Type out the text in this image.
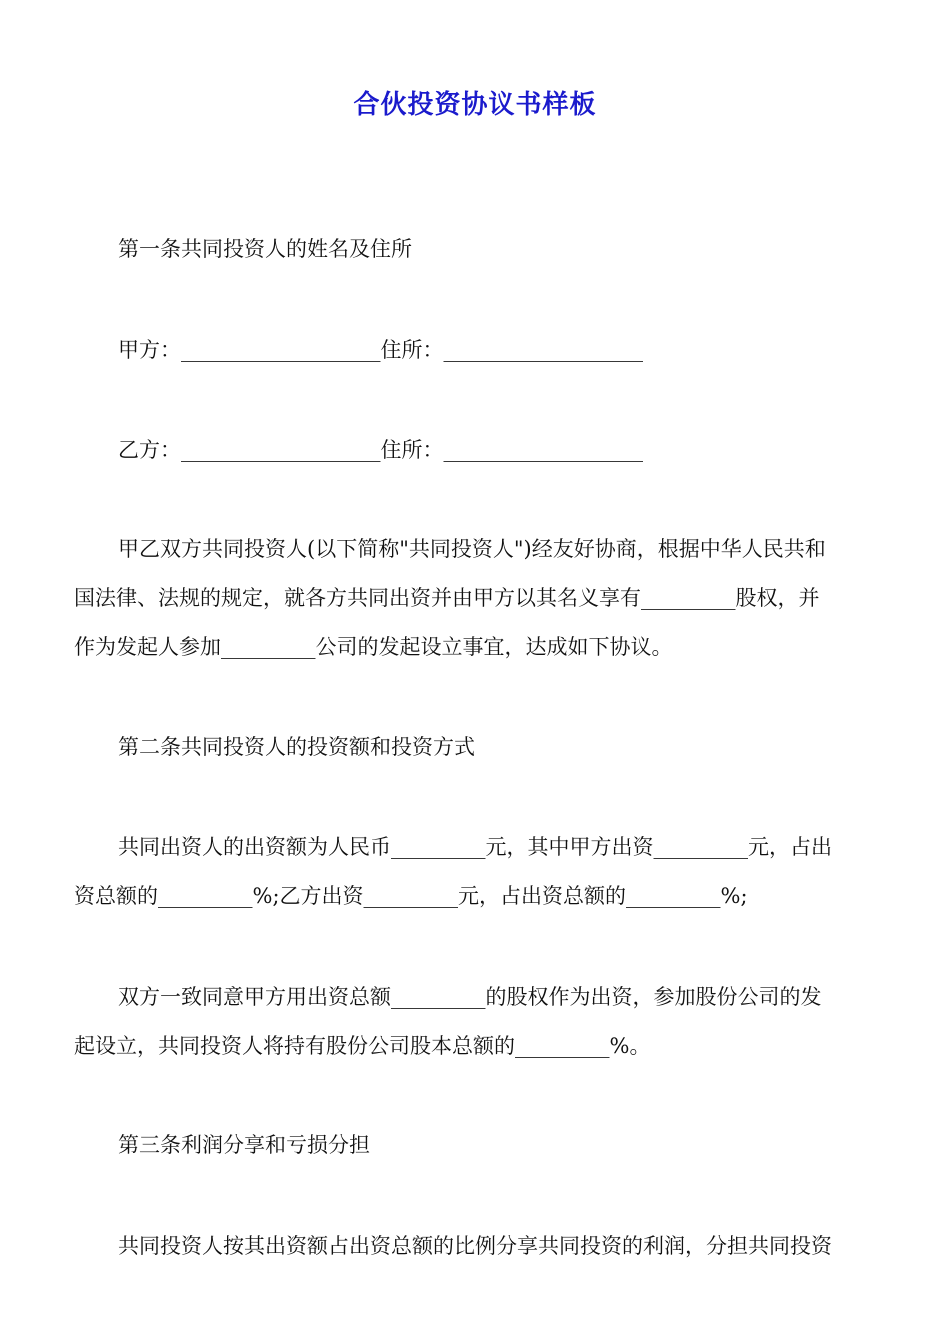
合伙投资协议书样板
第一条共同投资人的姓名及住所
甲方：___________________住所：___________________
乙方：___________________住所：___________________
甲乙双方共同投资人(以下简称"共同投资人")经友好协商，根据中华人民共和
国法律、法规的规定，就各方共同出资并由甲方以其名义享有_________股权，并
作为发起人参加_________公司的发起设立事宜，达成如下协议。
第二条共同投资人的投资额和投资方式
共同出资人的出资额为人民币_________元，其中甲方出资_________元，占出
资总额的_________%;乙方出资_________元，占出资总额的_________%;
双方一致同意甲方用出资总额_________的股权作为出资，参加股份公司的发
起设立，共同投资人将持有股份公司股本总额的_________%。
第三条利润分享和亏损分担
共同投资人按其出资额占出资总额的比例分享共同投资的利润，分担共同投资
